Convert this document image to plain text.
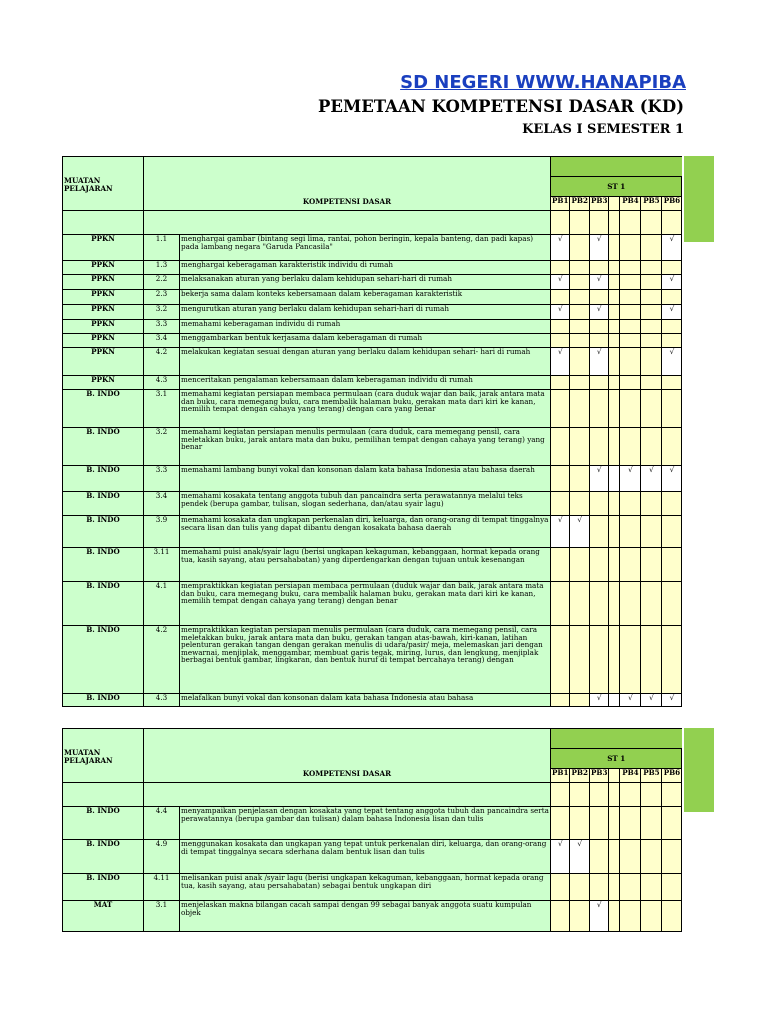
SD NEGERI WWW.HANAPIBA
PEMETAAN KOMPETENSI DASAR (KD)
KELAS I SEMESTER 1
MUATAN PELAJARAN	KOMPETENSI DASAR								
			ST 1						
			PB1	PB2	PB3		PB4	PB5	PB6

PPKN	1.1	menghargai gambar (bintang segi lima, rantai, pohon beringin, kepala banteng, dan padi kapas) pada lambang negara "Garuda Pancasila"	√		√				√
PPKN	1.3	menghargai keberagaman karakteristik individu di rumah							
PPKN	2.2	melaksanakan aturan yang berlaku dalam kehidupan sehari-hari di rumah	√		√				√
PPKN	2.3	bekerja sama dalam konteks kebersamaan dalam keberagaman karakteristik							
PPKN	3.2	mengurutkan aturan yang berlaku dalam kehidupan sehari-hari di rumah	√		√				√
PPKN	3.3	memahami keberagaman individu di rumah							
PPKN	3.4	menggambarkan bentuk kerjasama dalam keberagaman di rumah							
PPKN	4.2	melakukan kegiatan sesuai dengan aturan yang berlaku dalam kehidupan sehari- hari di rumah	√		√				√
PPKN	4.3	menceritakan pengalaman kebersamaan dalam keberagaman individu di rumah							
B. INDO	3.1	memahami kegiatan persiapan membaca permulaan (cara duduk wajar dan baik, jarak antara mata dan buku, cara memegang buku, cara membalik halaman buku, gerakan mata dari kiri ke kanan, memilih tempat dengan cahaya yang terang) dengan cara yang benar							
B. INDO	3.2	memahami kegiatan persiapan menulis permulaan (cara duduk, cara memegang pensil, cara meletakkan buku, jarak antara mata dan buku, pemilihan tempat dengan cahaya yang terang) yang benar							
B. INDO	3.3	memahami lambang bunyi vokal dan konsonan dalam kata bahasa Indonesia atau bahasa daerah			√		√	√	√
B. INDO	3.4	memahami kosakata tentang anggota tubuh dan pancaindra serta perawatannya melalui teks pendek (berupa gambar, tulisan, slogan sederhana, dan/atau syair lagu)							
B. INDO	3.9	memahami kosakata dan ungkapan perkenalan diri, keluarga, dan orang-orang di tempat tinggalnya secara lisan dan tulis yang dapat dibantu dengan kosakata bahasa daerah	√	√					
B. INDO	3.11	memahami puisi anak/syair lagu (berisi ungkapan kekaguman, kebanggaan, hormat kepada orang tua, kasih sayang, atau persahabatan) yang diperdengarkan dengan tujuan untuk kesenangan							
B. INDO	4.1	mempraktikkan kegiatan persiapan membaca permulaan (duduk wajar dan baik, jarak antara mata dan buku, cara memegang buku, cara membalik halaman buku, gerakan mata dari kiri ke kanan, memilih tempat dengan cahaya yang terang) dengan benar							
B. INDO	4.2	mempraktikkan kegiatan persiapan menulis permulaan (cara duduk, cara memegang pensil, cara meletakkan buku, jarak antara mata dan buku, gerakan tangan atas-bawah, kiri-kanan, latihan pelenturan gerakan tangan dengan gerakan menulis di udara/pasir/ meja, melemaskan jari dengan mewarnai, menjiplak, menggambar, membuat garis tegak, miring, lurus, dan lengkung, menjiplak berbagai bentuk gambar, lingkaran, dan bentuk huruf di tempat bercahaya terang) dengan							
B. INDO	4.3	melafalkan bunyi vokal dan konsonan dalam kata bahasa Indonesia atau bahasa			√		√	√	√
MUATAN PELAJARAN	KOMPETENSI DASAR								
			ST 1						
			PB1	PB2	PB3		PB4	PB5	PB6

B. INDO	4.4	menyampaikan penjelasan dengan kosakata yang tepat tentang anggota tubuh dan pancaindra serta perawatannya (berupa gambar dan tulisan) dalam bahasa Indonesia lisan dan tulis							
B. INDO	4.9	menggunakan kosakata dan ungkapan yang tepat untuk perkenalan diri, keluarga, dan orang-orang di tempat tinggalnya secara sderhana dalam bentuk lisan dan tulis	√	√					
B. INDO	4.11	melisankan puisi anak /syair lagu (berisi ungkapan kekaguman, kebanggaan, hormat kepada orang tua, kasih sayang, atau persahabatan) sebagai bentuk ungkapan diri							
MAT	3.1	menjelaskan makna bilangan cacah sampai dengan 99 sebagai banyak anggota suatu kumpulan objek			√				
